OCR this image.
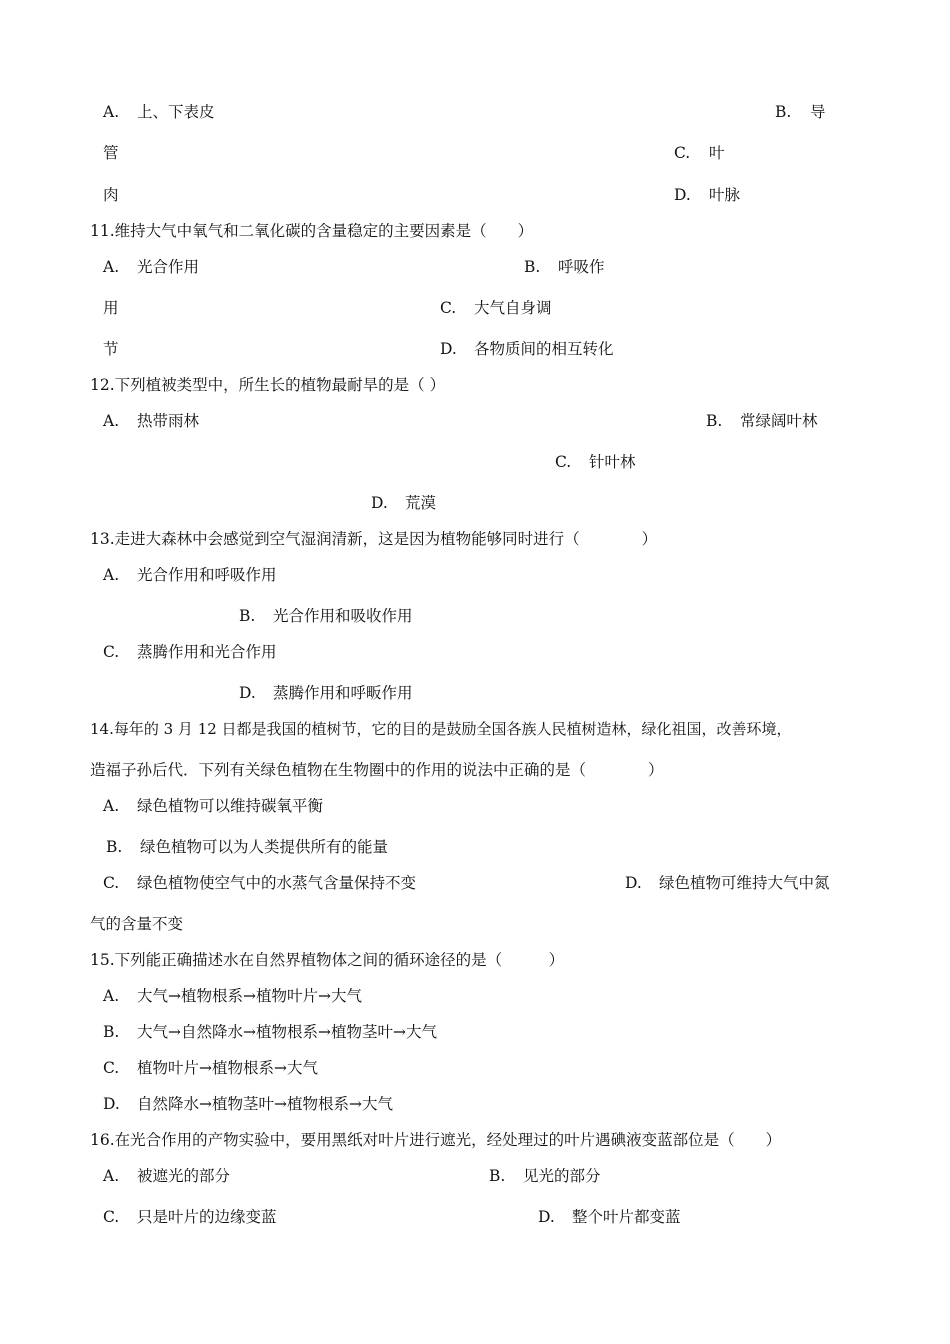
A. 上、下表皮	B. 导
管	C. 叶
肉	D. 叶脉
11.维持大气中氧气和二氧化碳的含量稳定的主要因素是（　　）
A. 光合作用	B. 呼吸作
用	C. 大气自身调
节	D. 各物质间的相互转化
12.下列植被类型中，所生长的植物最耐旱的是（ ）
A. 热带雨林	B. 常绿阔叶林
C. 针叶林
D. 荒漠
13.走进大森林中会感觉到空气湿润清新，这是因为植物能够同时进行（　　　　）
A. 光合作用和呼吸作用
B. 光合作用和吸收作用
C. 蒸腾作用和光合作用
D. 蒸腾作用和呼畈作用
14.每年的 3 月 12 日都是我国的植树节，它的目的是鼓励全国各族人民植树造林，绿化祖国，改善环境，
造福子孙后代．下列有关绿色植物在生物圈中的作用的说法中正确的是（　　　　）
A. 绿色植物可以维持碳氧平衡
B. 绿色植物可以为人类提供所有的能量
C. 绿色植物使空气中的水蒸气含量保持不变	D. 绿色植物可维持大气中氮
气的含量不变
15.下列能正确描述水在自然界植物体之间的循环途径的是（　　　）
A. 大气→植物根系→植物叶片→大气
B. 大气→自然降水→植物根系→植物茎叶→大气
C. 植物叶片→植物根系→大气
D. 自然降水→植物茎叶→植物根系→大气
16.在光合作用的产物实验中，要用黑纸对叶片进行遮光，经处理过的叶片遇碘液变蓝部位是（　　）
A. 被遮光的部分	B. 见光的部分
C. 只是叶片的边缘变蓝	D. 整个叶片都变蓝
